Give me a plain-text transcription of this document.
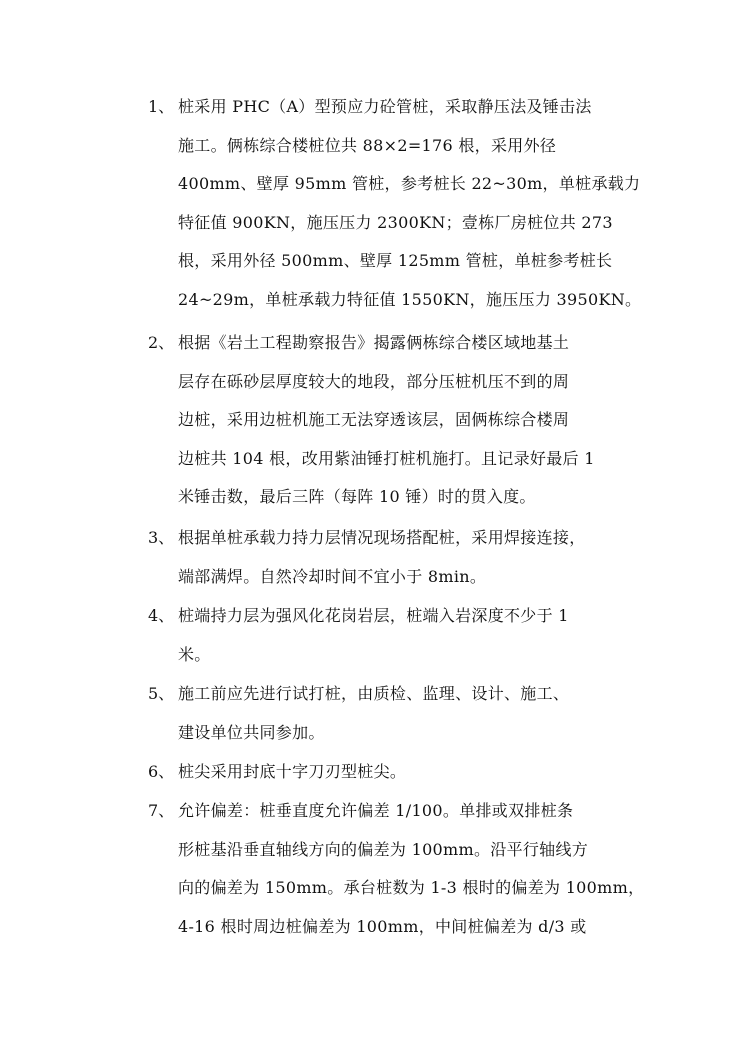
1、 桩采用 PHC（A）型预应力砼管桩，采取静压法及锤击法
施工。俩栋综合楼桩位共 88×2=176 根，采用外径
400mm、壁厚 95mm 管桩，参考桩长 22~30m，单桩承载力
特征值 900KN，施压压力 2300KN；壹栋厂房桩位共 273
根，采用外径 500mm、壁厚 125mm 管桩，单桩参考桩长
24~29m，单桩承载力特征值 1550KN，施压压力 3950KN。
2、 根据《岩土工程勘察报告》揭露俩栋综合楼区域地基土
层存在砾砂层厚度较大的地段，部分压桩机压不到的周
边桩，采用边桩机施工无法穿透该层，固俩栋综合楼周
边桩共 104 根，改用紫油锤打桩机施打。且记录好最后 1
米锤击数，最后三阵（每阵 10 锤）时的贯入度。
3、 根据单桩承载力持力层情况现场搭配桩，采用焊接连接，
端部满焊。自然冷却时间不宜小于 8min。
4、 桩端持力层为强风化花岗岩层，桩端入岩深度不少于 1
米。
5、 施工前应先进行试打桩，由质检、监理、设计、施工、
建设单位共同参加。
6、 桩尖采用封底十字刀刃型桩尖。
7、 允许偏差：桩垂直度允许偏差 1/100。单排或双排桩条
形桩基沿垂直轴线方向的偏差为 100mm。沿平行轴线方
向的偏差为 150mm。承台桩数为 1-3 根时的偏差为 100mm，
4-16 根时周边桩偏差为 100mm，中间桩偏差为 d/3 或
